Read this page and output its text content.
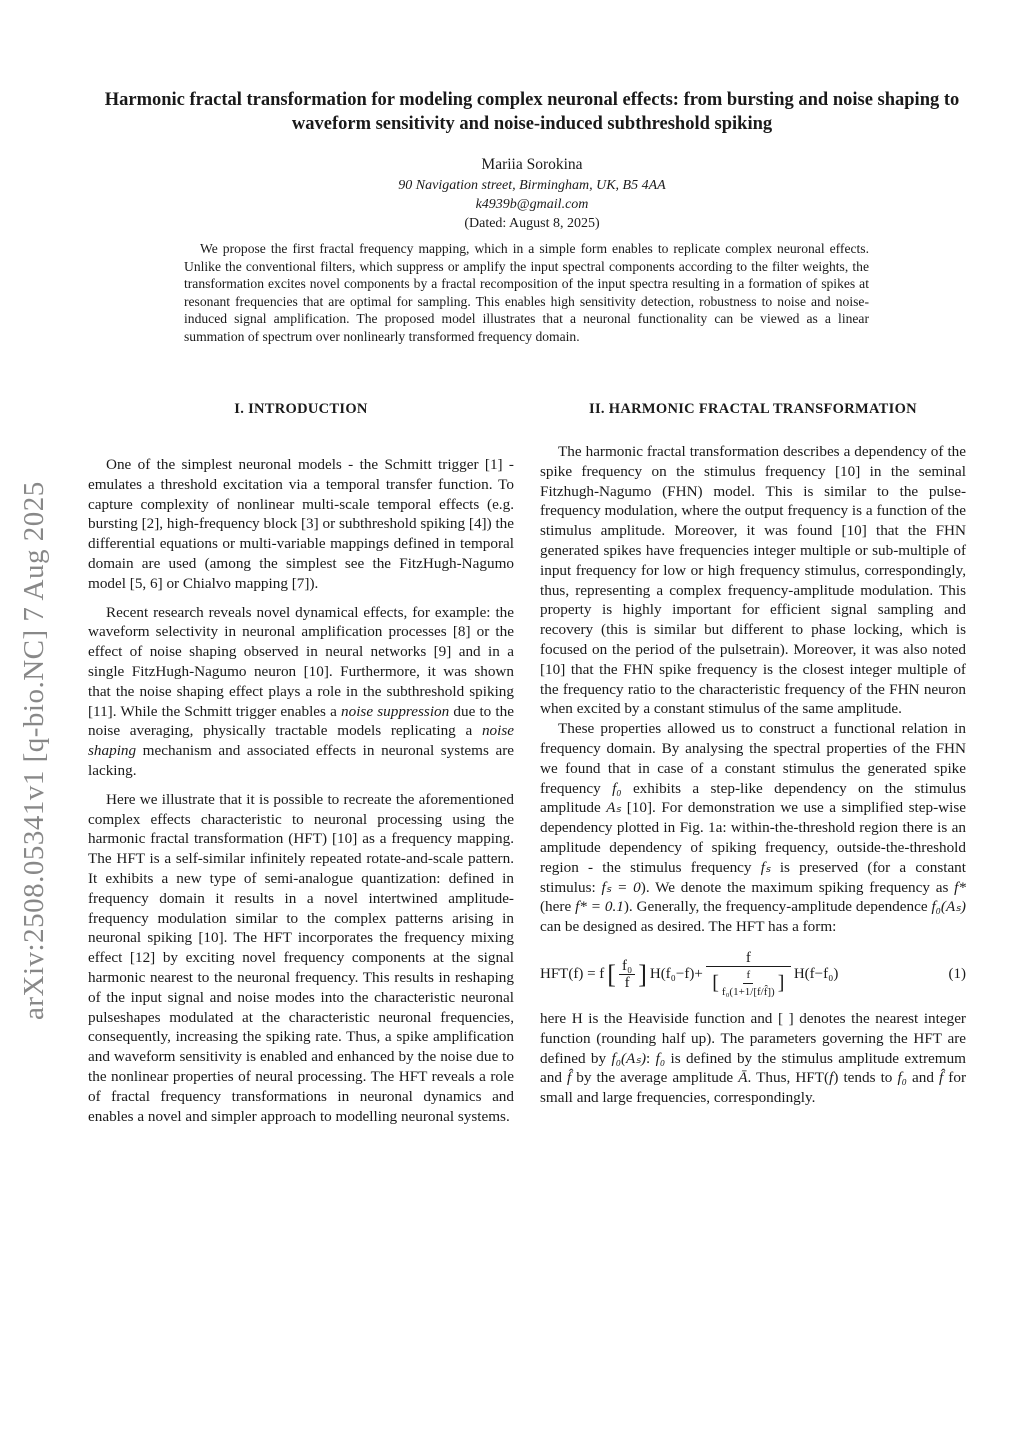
arXiv:2508.05341v1 [q-bio.NC] 7 Aug 2025
Harmonic fractal transformation for modeling complex neuronal effects: from bursting and noise shaping to waveform sensitivity and noise-induced subthreshold spiking
Mariia Sorokina
90 Navigation street, Birmingham, UK, B5 4AA
k4939b@gmail.com
(Dated: August 8, 2025)
We propose the first fractal frequency mapping, which in a simple form enables to replicate complex neuronal effects. Unlike the conventional filters, which suppress or amplify the input spectral components according to the filter weights, the transformation excites novel components by a fractal recomposition of the input spectra resulting in a formation of spikes at resonant frequencies that are optimal for sampling. This enables high sensitivity detection, robustness to noise and noise-induced signal amplification. The proposed model illustrates that a neuronal functionality can be viewed as a linear summation of spectrum over nonlinearly transformed frequency domain.
I. INTRODUCTION

One of the simplest neuronal models - the Schmitt trigger [1] - emulates a threshold excitation via a temporal transfer function. To capture complexity of nonlinear multi-scale temporal effects (e.g. bursting [2], high-frequency block [3] or subthreshold spiking [4]) the differential equations or multi-variable mappings defined in temporal domain are used (among the simplest see the FitzHugh-Nagumo model [5, 6] or Chialvo mapping [7]).

Recent research reveals novel dynamical effects, for example: the waveform selectivity in neuronal amplification processes [8] or the effect of noise shaping observed in neural networks [9] and in a single FitzHugh-Nagumo neuron [10]. Furthermore, it was shown that the noise shaping effect plays a role in the subthreshold spiking [11]. While the Schmitt trigger enables a noise suppression due to the noise averaging, physically tractable models replicating a noise shaping mechanism and associated effects in neuronal systems are lacking.

Here we illustrate that it is possible to recreate the aforementioned complex effects characteristic to neuronal processing using the harmonic fractal transformation (HFT) [10] as a frequency mapping. The HFT is a self-similar infinitely repeated rotate-and-scale pattern. It exhibits a new type of semi-analogue quantization: defined in frequency domain it results in a novel intertwined amplitude-frequency modulation similar to the complex patterns arising in neuronal spiking [10]. The HFT incorporates the frequency mixing effect [12] by exciting novel frequency components at the signal harmonic nearest to the neuronal frequency. This results in reshaping of the input signal and noise modes into the characteristic neuronal pulseshapes modulated at the characteristic neuronal frequencies, consequently, increasing the spiking rate. Thus, a spike amplification and waveform sensitivity is enabled and enhanced by the noise due to the nonlinear properties of neural processing. The HFT reveals a role of fractal frequency transformations in neuronal dynamics and enables a novel and simpler approach to modelling neuronal systems.

II. HARMONIC FRACTAL TRANSFORMATION

The harmonic fractal transformation describes a dependency of the spike frequency on the stimulus frequency [10] in the seminal Fitzhugh-Nagumo (FHN) model. This is similar to the pulse-frequency modulation, where the output frequency is a function of the stimulus amplitude. Moreover, it was found [10] that the FHN generated spikes have frequencies integer multiple or sub-multiple of input frequency for low or high frequency stimulus, correspondingly, thus, representing a complex frequency-amplitude modulation. This property is highly important for efficient signal sampling and recovery (this is similar but different to phase locking, which is focused on the period of the pulsetrain). Moreover, it was also noted [10] that the FHN spike frequency is the closest integer multiple of the frequency ratio to the characteristic frequency of the FHN neuron when excited by a constant stimulus of the same amplitude.

These properties allowed us to construct a functional relation in frequency domain. By analysing the spectral properties of the FHN we found that in case of a constant stimulus the generated spike frequency f₀ exhibits a step-like dependency on the stimulus amplitude Aₛ [10]. For demonstration we use a simplified step-wise dependency plotted in Fig. 1a: within-the-threshold region there is an amplitude dependency of spiking frequency, outside-the-threshold region - the stimulus frequency fₛ is preserved (for a constant stimulus: fₛ = 0). We denote the maximum spiking frequency as f* (here f* = 0.1). Generally, the frequency-amplitude dependence f₀(Aₛ) can be designed as desired. The HFT has a form:

HFT(f) = f [ $\frac{\text{f₀}}{f}$ ] H(f₀−f)+
f
[ $\frac{f}{\text{f₀(1+1/[f/f̂])}}$ ] H(f−f₀)	(1)

here H is the Heaviside function and [ ] denotes the nearest integer function (rounding half up). The parameters governing the HFT are defined by f₀(Aₛ): f₀ is defined by the stimulus amplitude extremum and f̂ by the average amplitude Ā. Thus, HFT(f) tends to f₀ and f̂ for small and large frequencies, correspondingly.
